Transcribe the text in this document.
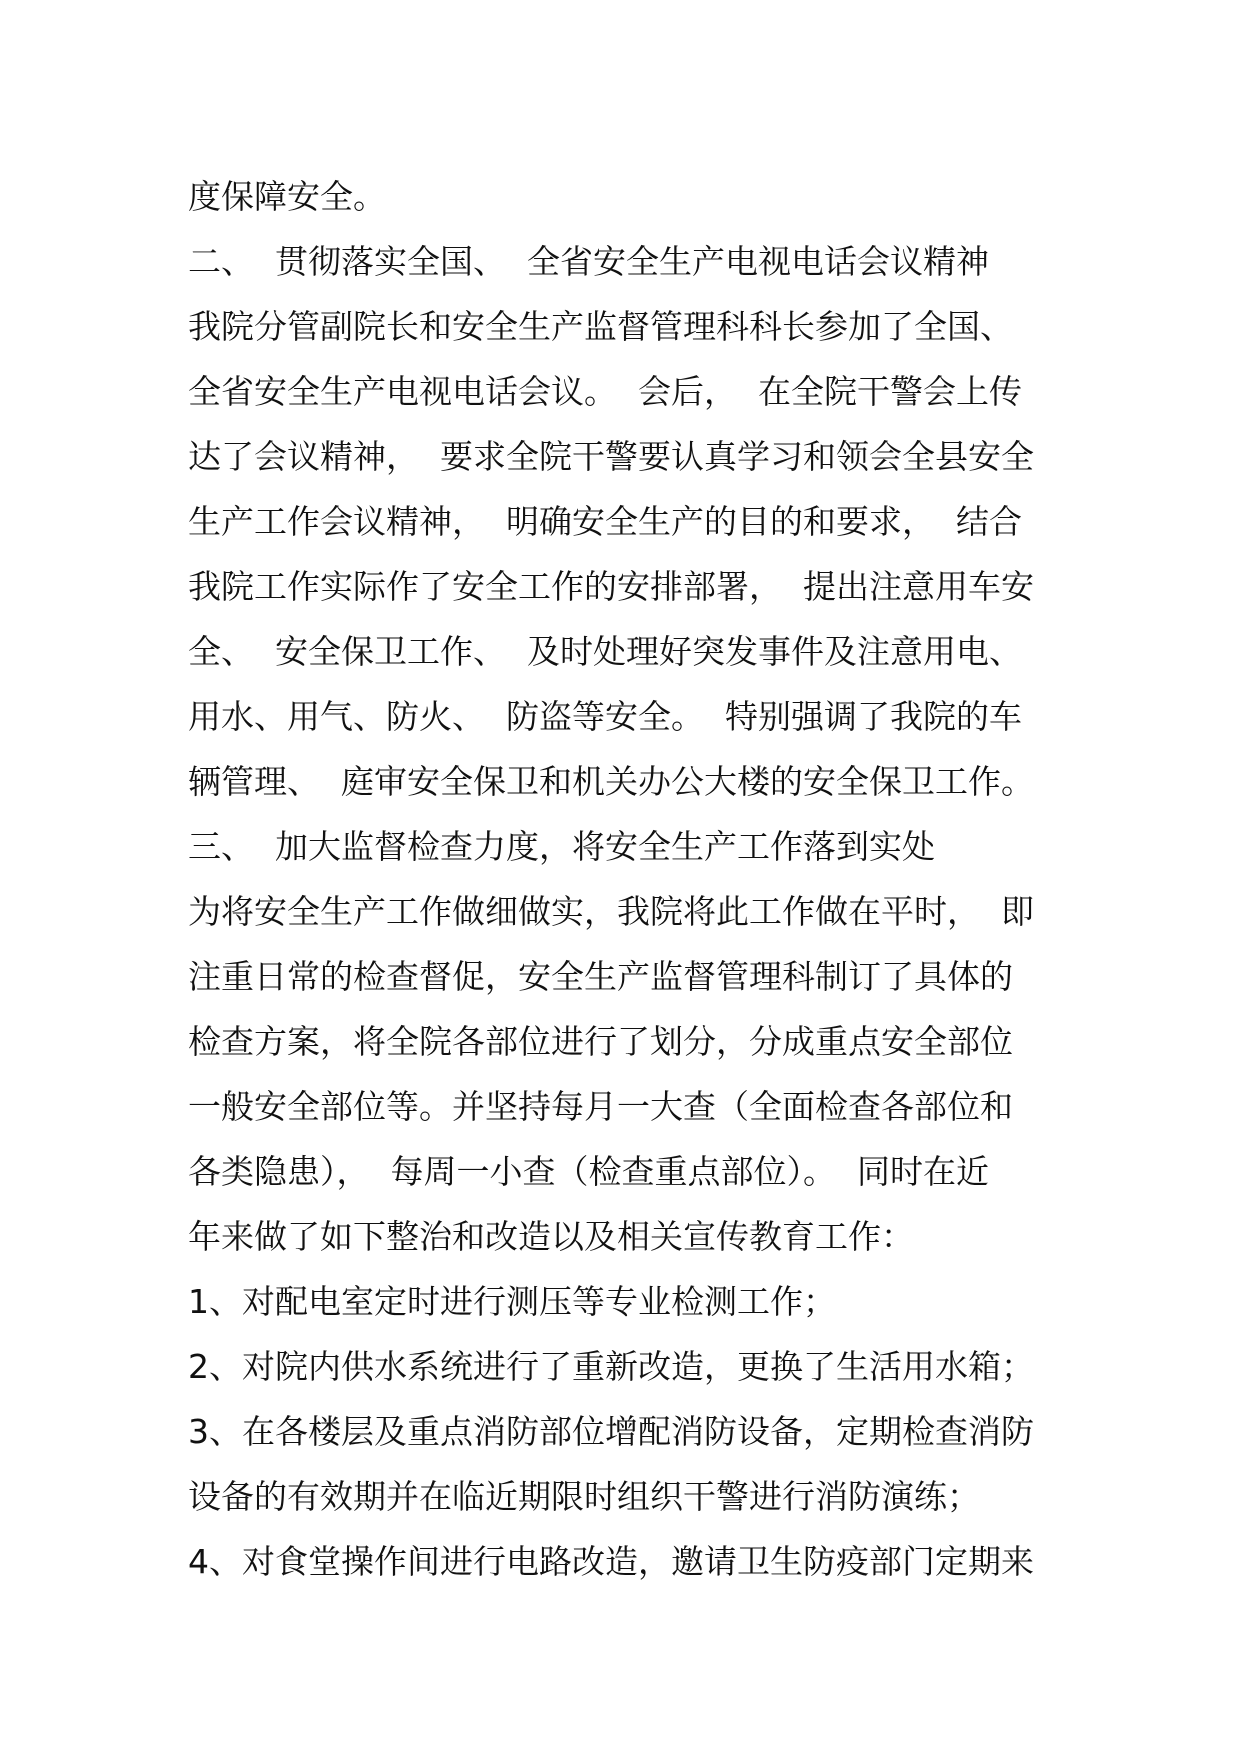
度保障安全。
二、  贯彻落实全国、  全省安全生产电视电话会议精神
我院分管副院长和安全生产监督管理科科长参加了全国、
全省安全生产电视电话会议。  会后，  在全院干警会上传
达了会议精神，  要求全院干警要认真学习和领会全县安全
生产工作会议精神，  明确安全生产的目的和要求，  结合
我院工作实际作了安全工作的安排部署，  提出注意用车安
全、  安全保卫工作、  及时处理好突发事件及注意用电、
用水、用气、防火、  防盗等安全。  特别强调了我院的车
辆管理、  庭审安全保卫和机关办公大楼的安全保卫工作。
三、  加大监督检查力度，将安全生产工作落到实处
为将安全生产工作做细做实，我院将此工作做在平时，  即
注重日常的检查督促，安全生产监督管理科制订了具体的
检查方案，将全院各部位进行了划分，分成重点安全部位
一般安全部位等。并坚持每月一大查（全面检查各部位和
各类隐患），  每周一小查（检查重点部位）。  同时在近
年来做了如下整治和改造以及相关宣传教育工作：
1、对配电室定时进行测压等专业检测工作；
2、对院内供水系统进行了重新改造，更换了生活用水箱；
3、在各楼层及重点消防部位增配消防设备，定期检查消防
设备的有效期并在临近期限时组织干警进行消防演练；
4、对食堂操作间进行电路改造，邀请卫生防疫部门定期来
